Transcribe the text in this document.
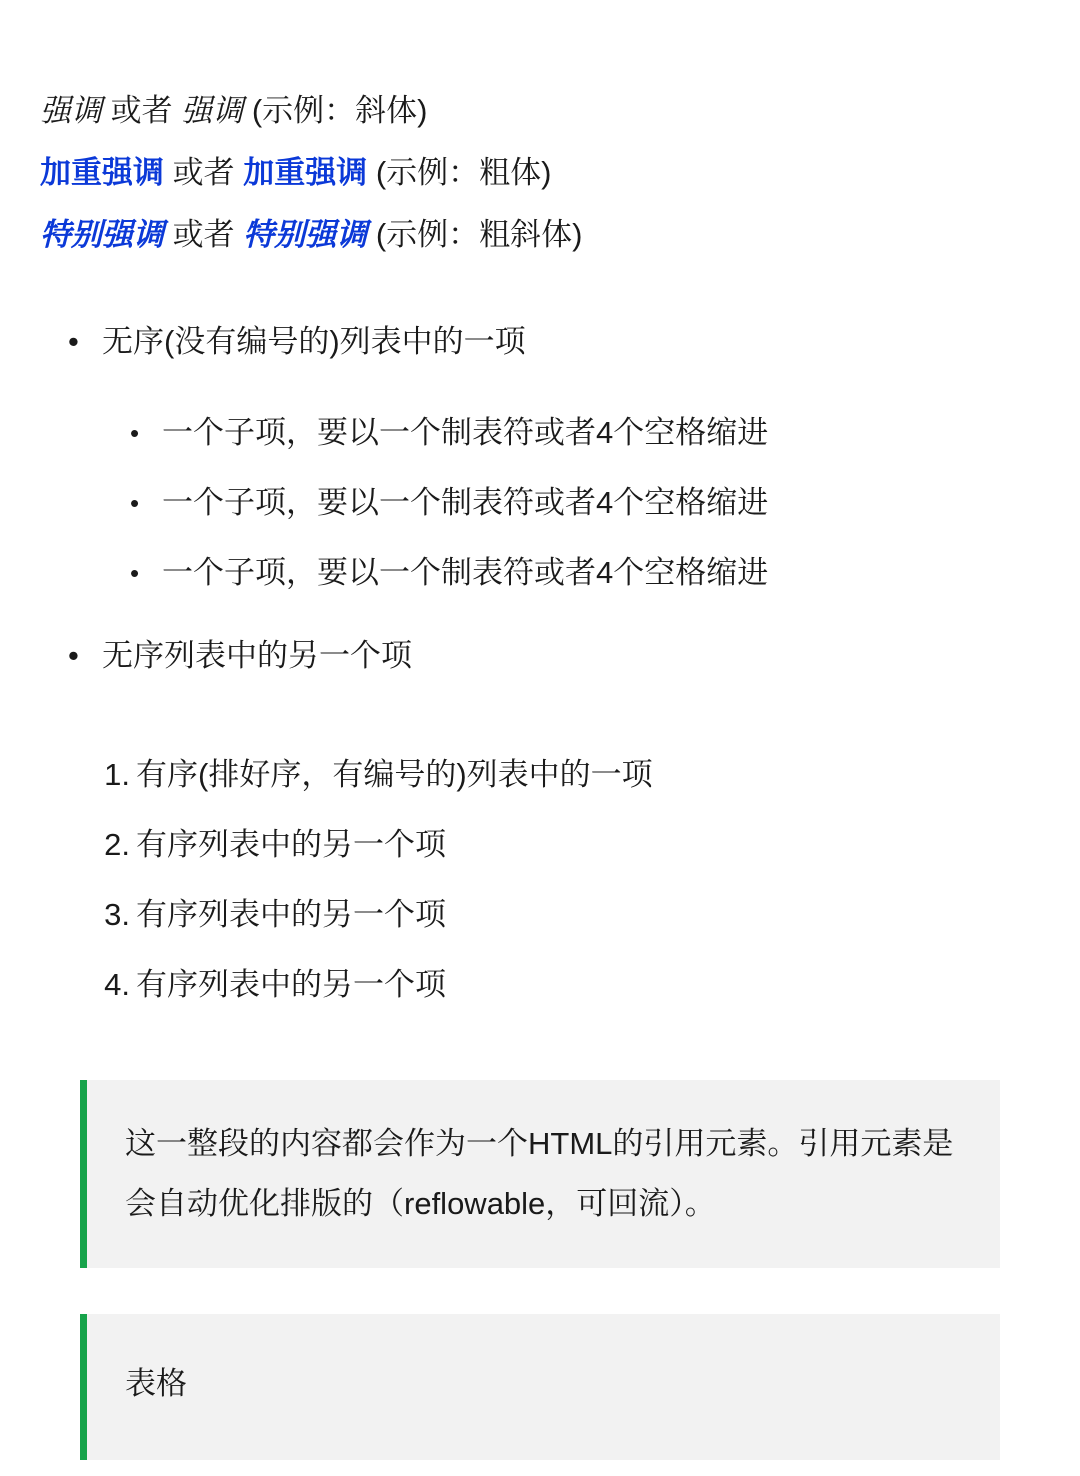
强调 或者 强调 (示例：斜体)
加重强调 或者 加重强调 (示例：粗体)
特别强调 或者 特别强调 (示例：粗斜体)
• 无序(没有编号的)列表中的一项
• 一个子项，要以一个制表符或者4个空格缩进
• 一个子项，要以一个制表符或者4个空格缩进
• 一个子项，要以一个制表符或者4个空格缩进
• 无序列表中的另一个项
有序(排好序，有编号的)列表中的一项
有序列表中的另一个项
有序列表中的另一个项
有序列表中的另一个项

这一整段的内容都会作为一个HTML的引用元素。引用元素是会自动优化排版的（reflowable，可回流）。

表格
